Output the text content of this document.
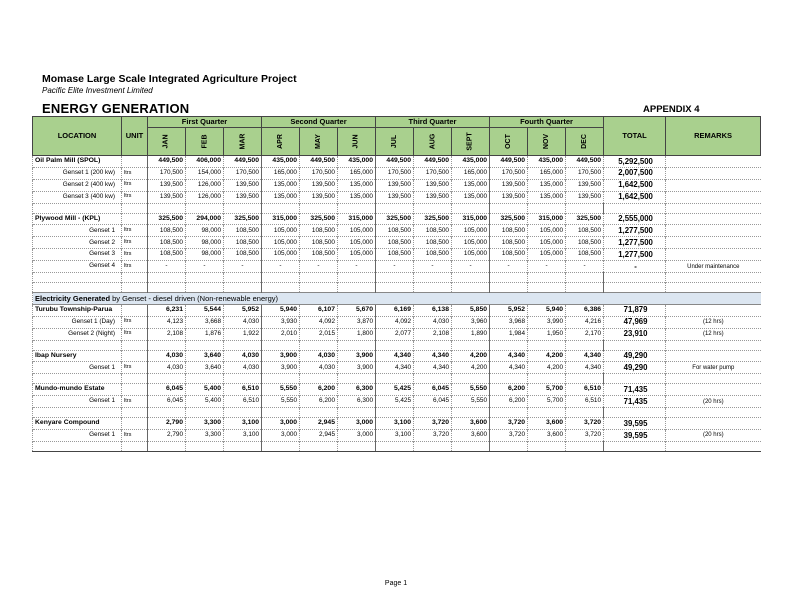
Momase Large Scale Integrated Agriculture Project
Pacific Elite Investment Limited
ENERGY GENERATION	APPENDIX 4
LOCATION	UNIT	First Quarter			Second Quarter			Third Quarter			Fourth Quarter			TOTAL	REMARKS
		JAN	FEB	MAR	APR	MAY	JUN	JUL	AUG	SEPT	OCT	NOV	DEC		
Oil Palm Mill (SPOL)		449,500	406,000	449,500	435,000	449,500	435,000	449,500	449,500	435,000	449,500	435,000	449,500	5,292,500	
Genset 1 (200 kw)	ltrs	170,500	154,000	170,500	165,000	170,500	165,000	170,500	170,500	165,000	170,500	165,000	170,500	2,007,500	
Genset 2 (400 kw)	ltrs	139,500	126,000	139,500	135,000	139,500	135,000	139,500	139,500	135,000	139,500	135,000	139,500	1,642,500	
Genset 3 (400 kw)	ltrs	139,500	126,000	139,500	135,000	139,500	135,000	139,500	139,500	135,000	139,500	135,000	139,500	1,642,500	

Plywood Mill - (KPL)		325,500	294,000	325,500	315,000	325,500	315,000	325,500	325,500	315,000	325,500	315,000	325,500	2,555,000	
Genset 1	ltrs	108,500	98,000	108,500	105,000	108,500	105,000	108,500	108,500	105,000	108,500	105,000	108,500	1,277,500	
Genset 2	ltrs	108,500	98,000	108,500	105,000	108,500	105,000	108,500	108,500	105,000	108,500	105,000	108,500	1,277,500	
Genset 3	ltrs	108,500	98,000	108,500	105,000	108,500	105,000	108,500	108,500	105,000	108,500	105,000	108,500	1,277,500	
Genset 4	ltrs	-	-	-	-	-	-	-	-	-	-	-	-	-	Under maintenance

Electricity Generated by Genset - diesel driven (Non-renewable energy)															
Turubu Township-Parua		6,231	5,544	5,952	5,940	6,107	5,670	6,169	6,138	5,850	5,952	5,940	6,386	71,879	
Genset 1 (Day)	ltrs	4,123	3,668	4,030	3,930	4,092	3,870	4,092	4,030	3,960	3,968	3,990	4,216	47,969	(12 hrs)
Genset 2 (Night)	ltrs	2,108	1,876	1,922	2,010	2,015	1,800	2,077	2,108	1,890	1,984	1,950	2,170	23,910	(12 hrs)

Ibap Nursery		4,030	3,640	4,030	3,900	4,030	3,900	4,340	4,340	4,200	4,340	4,200	4,340	49,290	
Genset 1	ltrs	4,030	3,640	4,030	3,900	4,030	3,900	4,340	4,340	4,200	4,340	4,200	4,340	49,290	For water pump

Mundo-mundo Estate		6,045	5,400	6,510	5,550	6,200	6,300	5,425	6,045	5,550	6,200	5,700	6,510	71,435	
Genset 1	ltrs	6,045	5,400	6,510	5,550	6,200	6,300	5,425	6,045	5,550	6,200	5,700	6,510	71,435	(20 hrs)

Kenyare Compound		2,790	3,300	3,100	3,000	2,945	3,000	3,100	3,720	3,600	3,720	3,600	3,720	39,595	
Genset 1	ltrs	2,790	3,300	3,100	3,000	2,945	3,000	3,100	3,720	3,600	3,720	3,600	3,720	39,595	(20 hrs)

Page 1
